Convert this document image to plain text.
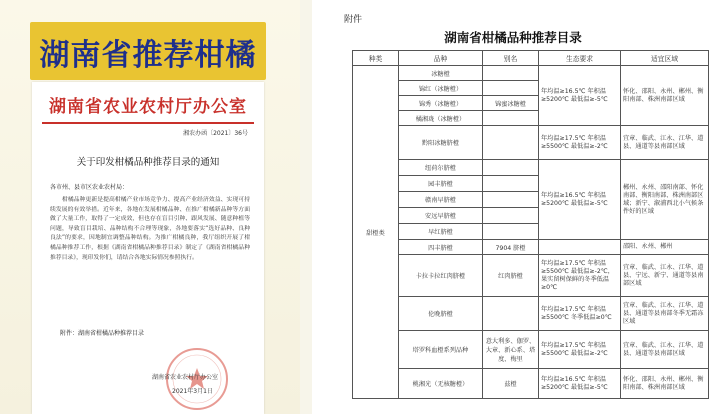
湖南省推荐柑橘
湖南省农业农村厅办公室
湘农办函〔2021〕36号
关于印发柑橘品种推荐目录的通知
各市州、县市区农业农村局：
柑橘品种更新是提高柑橘产业市场竞争力、提高产业经济效益、实现可持续发展的有效举措。近年来，各地在发展柑橘品种、在推广柑橘新品种等方面做了大量工作，取得了一定成效，但也存在盲目引种、跟风发展、随意种植等问题，导致盲目栽培、品种结构不合理等现象，各地要落实“选好品种、良种良法”的要求，因地制宜调整品种结构。为推广柑橘良种，我厅组织开展了柑橘品种推荐工作，根据《湖南省柑橘品种推荐目录》制定了《湖南省柑橘品种推荐目录》，现印发你们，请结合各地实际情况参照执行。
附件：湖南省柑橘品种推荐目录
湖南省农业农村厅办公室
2021年3月1日
附件
湖南省柑橘品种推荐目录
种类	品种	别名	生态要求	适宜区域
甜橙类	冰糖橙		年均温≥16.5℃ 年积温≥5200℃ 最低温≥-5℃	怀化、邵阳、永州、郴州、衡阳南部、株洲南部区域
	锦红（冰糖橙）			
	锦秀（冰糖橙）	锦蜜冰糖橙		
	橘湘珑（冰糖橙）			
	黔阳冰糖脐橙		年均温≥17.5℃ 年积温≥5500℃ 最低温≥-2℃	宜章、临武、江永、江华、道县、通道等县南部区域
	纽荷尔脐橙		年均温≥16.5℃ 年积温≥5200℃ 最低温≥-5℃	郴州、永州、邵阳南部、怀化南部、衡阳南部、株洲南部区域；新宁、溆浦西北小气候条件好的区域
	园丰脐橙			
	赣南早脐橙			
	安远早脐橙			
	早红脐橙			
	四丰脐橙	7904 脐橙		邵阳、永州、郴州
	卡拉卡拉红肉脐橙	红肉脐橙	年均温≥17.5℃ 年积温≥5500℃ 最低温≥-2℃，果实留树保鲜的冬季低温≥0℃	宜章、临武、江永、江华、道县、宁远、新宁、通道等县南部区域
	伦晚脐橙		年均温≥17.5℃ 年积温≥5500℃ 冬季低温≥0℃	宜章、临武、江永、江华、道县、通道等县南部冬季无霜冻区域
	塔罗科血橙系列品种	意大利多、伽罗、大章、新心系、塔度、梅里	年均温≥17.5℃ 年积温≥5500℃ 最低温≥-2℃	宜章、临武、江永、江华、道县、通道等县南部区域
	桃湘光（无核糖橙）	兹橙	年均温≥16.5℃ 年积温≥5200℃ 最低温≥-5℃	怀化、邵阳、永州、郴州、衡阳南部、株洲南部区域
